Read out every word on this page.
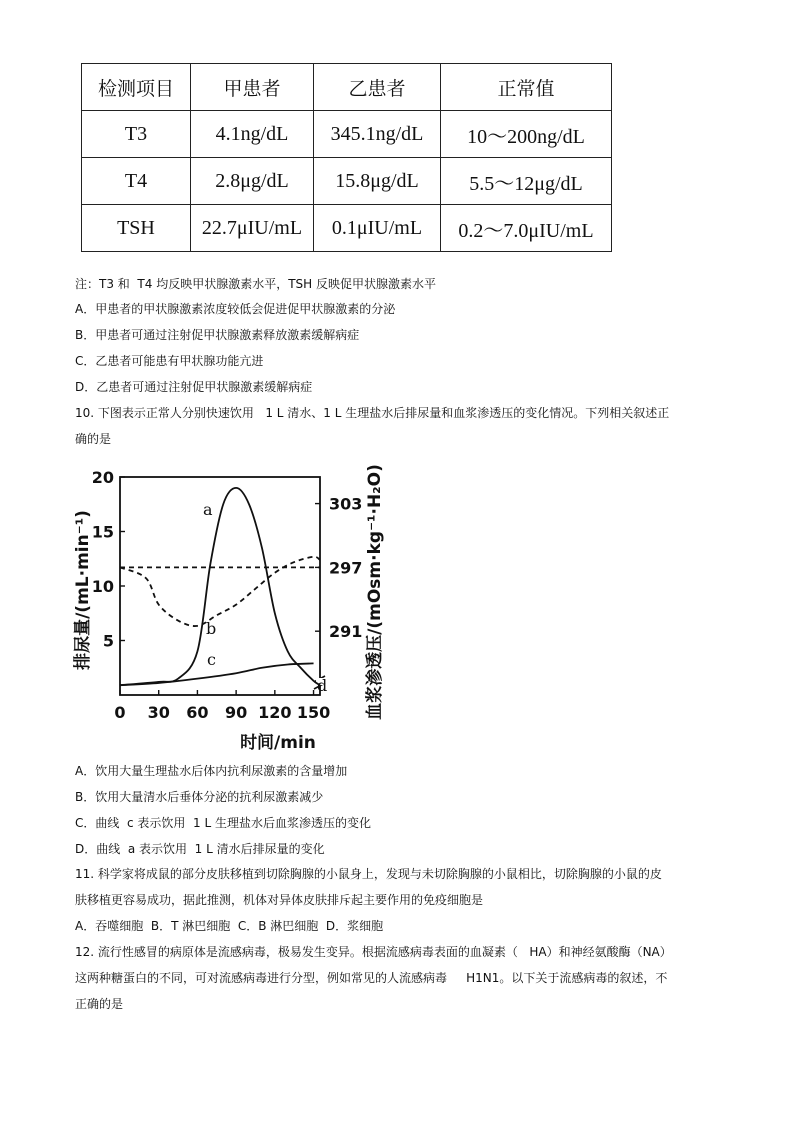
检测项目	甲患者	乙患者	正常值
T3	4.1ng/dL	345.1ng/dL	10～200ng/dL
T4	2.8μg/dL	15.8μg/dL	5.5～12μg/dL
TSH	22.7μIU/mL	0.1μIU/mL	0.2～7.0μIU/mL
注：T3 和  T4 均反映甲状腺激素水平，TSH 反映促甲状腺激素水平
A．甲患者的甲状腺激素浓度较低会促进促甲状腺激素的分泌
B．甲患者可通过注射促甲状腺激素释放激素缓解病症
C．乙患者可能患有甲状腺功能亢进
D．乙患者可通过注射促甲状腺激素缓解病症
10. 下图表示正常人分别快速饮用   1 L 清水、1 L 生理盐水后排尿量和血浆渗透压的变化情况。下列相关叙述正
确的是
0 30 60 90 120 150
5
10
15
20
291
297
303
a
b
c
d
时间/min
排尿量/(mL·min⁻¹)	血浆渗透压/(mOsm·kg⁻¹·H₂O)
A．饮用大量生理盐水后体内抗利尿激素的含量增加
B．饮用大量清水后垂体分泌的抗利尿激素减少
C．曲线  c 表示饮用  1 L 生理盐水后血浆渗透压的变化
D．曲线  a 表示饮用  1 L 清水后排尿量的变化
11. 科学家将成鼠的部分皮肤移植到切除胸腺的小鼠身上，发现与未切除胸腺的小鼠相比，切除胸腺的小鼠的皮
肤移植更容易成功，据此推测，机体对异体皮肤排斥起主要作用的免疫细胞是
A．吞噬细胞  B．T 淋巴细胞  C．B 淋巴细胞  D．浆细胞
12. 流行性感冒的病原体是流感病毒，极易发生变异。根据流感病毒表面的血凝素（   HA）和神经氨酸酶（NA）
这两种糖蛋白的不同，可对流感病毒进行分型，例如常见的人流感病毒     H1N1。以下关于流感病毒的叙述，不
正确的是
